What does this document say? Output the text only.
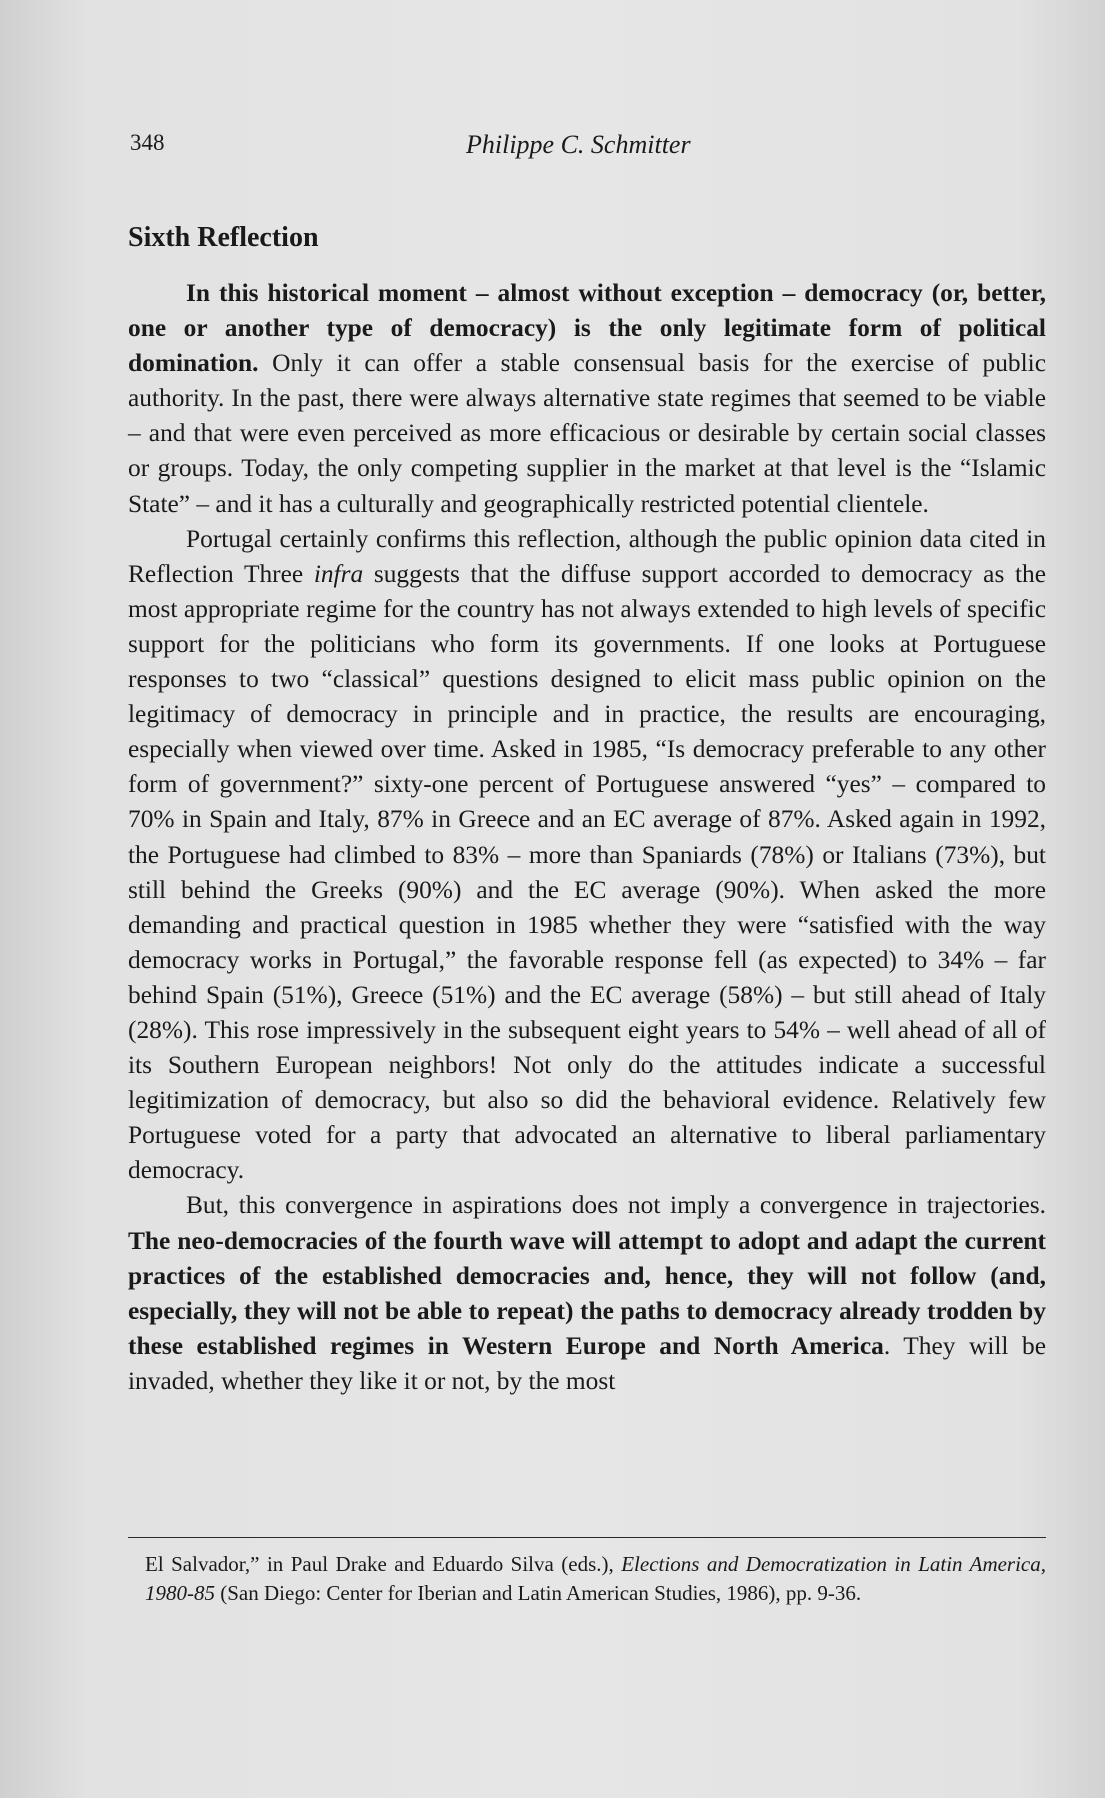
348	Philippe C. Schmitter
Sixth Reflection

In this historical moment – almost without exception – democracy (or, better, one or another type of democracy) is the only legitimate form of political domination. Only it can offer a stable consensual basis for the exercise of public authority. In the past, there were always alternative state regimes that seemed to be viable – and that were even perceived as more efficacious or desirable by certain social classes or groups. Today, the only competing supplier in the market at that level is the “Islamic State” – and it has a culturally and geographically restricted potential clientele.

Portugal certainly confirms this reflection, although the public opinion data cited in Reflection Three infra suggests that the diffuse support accorded to democracy as the most appropriate regime for the country has not always extended to high levels of specific support for the politicians who form its governments. If one looks at Portuguese responses to two “classical” questions designed to elicit mass public opinion on the legitimacy of democracy in principle and in practice, the results are encouraging, especially when viewed over time. Asked in 1985, “Is democracy preferable to any other form of government?” sixty-one percent of Portuguese answered “yes” – compared to 70% in Spain and Italy, 87% in Greece and an EC average of 87%. Asked again in 1992, the Portuguese had climbed to 83% – more than Spaniards (78%) or Italians (73%), but still behind the Greeks (90%) and the EC average (90%). When asked the more demanding and practical question in 1985 whether they were “satisfied with the way democracy works in Portugal,” the favorable response fell (as expected) to 34% – far behind Spain (51%), Greece (51%) and the EC average (58%) – but still ahead of Italy (28%). This rose impressively in the subsequent eight years to 54% – well ahead of all of its Southern European neighbors! Not only do the attitudes indicate a successful legitimization of democracy, but also so did the behavioral evidence. Relatively few Portuguese voted for a party that advocated an alternative to liberal parliamentary democracy.

But, this convergence in aspirations does not imply a convergence in trajectories. The neo-democracies of the fourth wave will attempt to adopt and adapt the current practices of the established democracies and, hence, they will not follow (and, especially, they will not be able to repeat) the paths to democracy already trodden by these established regimes in Western Europe and North America. They will be invaded, whether they like it or not, by the most

El Salvador,” in Paul Drake and Eduardo Silva (eds.), Elections and Democratization in Latin America, 1980-85 (San Diego: Center for Iberian and Latin American Studies, 1986), pp. 9-36.
